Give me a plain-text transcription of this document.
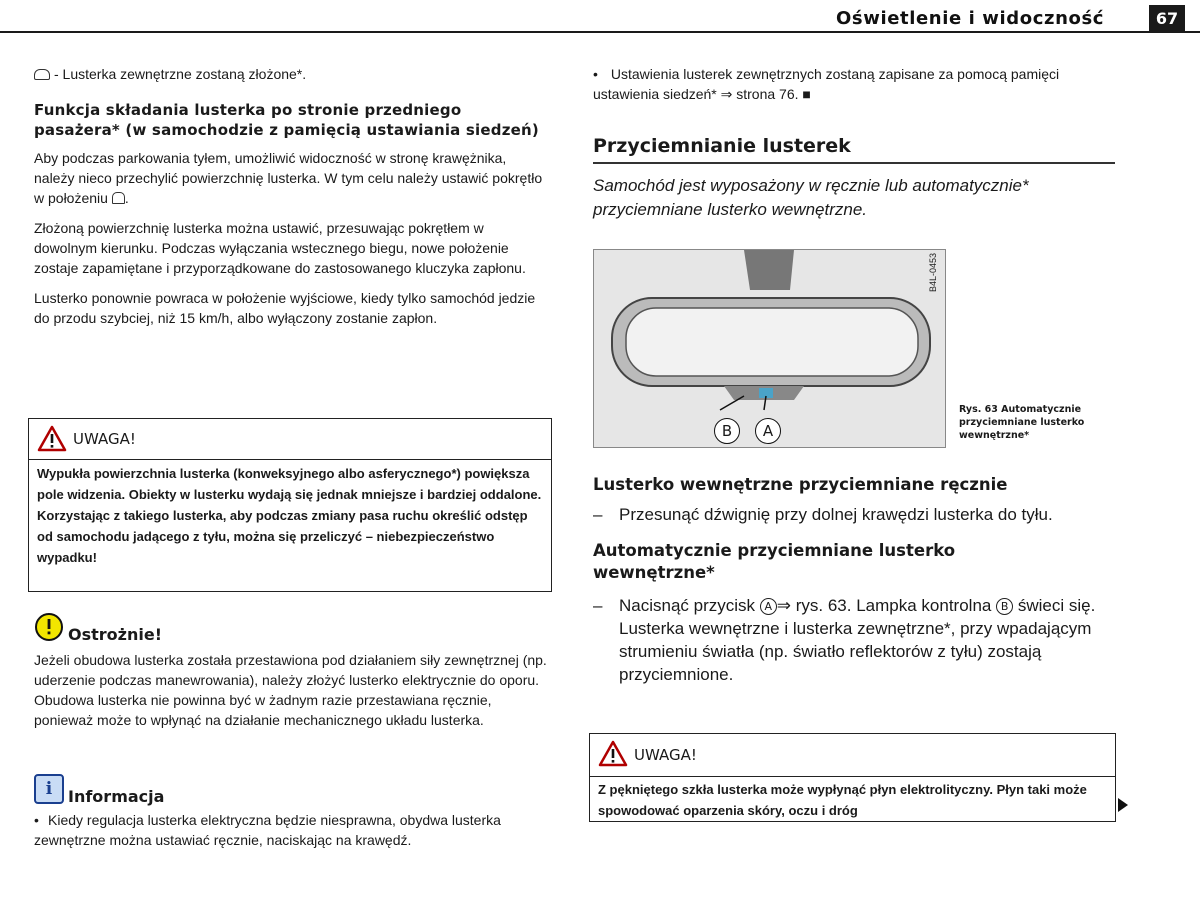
Oświetlenie i widoczność	67

- Lusterka zewnętrzne zostaną złożone*.

Funkcja składania lusterka po stronie przedniego pasażera* (w samochodzie z pamięcią ustawiania siedzeń)

Aby podczas parkowania tyłem, umożliwić widoczność w stronę krawężnika, należy nieco przechylić powierzchnię lusterka. W tym celu należy ustawić pokrętło w położeniu .

Złożoną powierzchnię lusterka można ustawić, przesuwając pokrętłem w dowolnym kierunku. Podczas wyłączania wstecznego biegu, nowe położenie zostaje zapamiętane i przyporządkowane do zastosowanego kluczyka zapłonu.

Lusterko ponownie powraca w położenie wyjściowe, kiedy tylko samochód jedzie do przodu szybciej, niż 15 km/h, albo wyłączony zostanie zapłon.

UWAGA!
Wypukła powierzchnia lusterka (konweksyjnego albo asferycznego*) powiększa pole widzenia. Obiekty w lusterku wydają się jednak mniejsze i bardziej oddalone. Korzystając z takiego lusterka, aby podczas zmiany pasa ruchu określić odstęp od samochodu jadącego z tyłu, można się przeliczyć – niebezpieczeństwo wypadku!
Ostrożnie!

Jeżeli obudowa lusterka została przestawiona pod działaniem siły zewnętrznej (np. uderzenie podczas manewrowania), należy złożyć lusterko elektrycznie do oporu. Obudowa lusterka nie powinna być w żadnym razie przestawiana ręcznie, ponieważ może to wpłynąć na działanie mechanicznego układu lusterka.

i Informacja

• Kiedy regulacja lusterka elektryczna będzie niesprawna, obydwa lusterka zewnętrzne można ustawiać ręcznie, naciskając na krawędź.

• Ustawienia lusterek zewnętrznych zostaną zapisane za pomocą pamięci ustawienia siedzeń* ⇒ strona 76. ■

Przyciemnianie lusterek

Samochód jest wyposażony w ręcznie lub automatycznie* przyciemniane lusterko wewnętrzne.

B	A
B4L-0453
Rys. 63 Automatycznie przyciemniane lusterko wewnętrzne*

Lusterko wewnętrzne przyciemniane ręcznie

– Przesunąć dźwignię przy dolnej krawędzi lusterka do tyłu.

Automatycznie przyciemniane lusterko wewnętrzne*

– Nacisnąć przycisk A ⇒ rys. 63. Lampka kontrolna B świeci się. Lusterka wewnętrzne i lusterka zewnętrzne*, przy wpadającym strumieniu światła (np. światło reflektorów z tyłu) zostają przyciemnione.
UWAGA!
Z pękniętego szkła lusterka może wypłynąć płyn elektrolityczny. Płyn taki może spowodować oparzenia skóry, oczu i dróg
